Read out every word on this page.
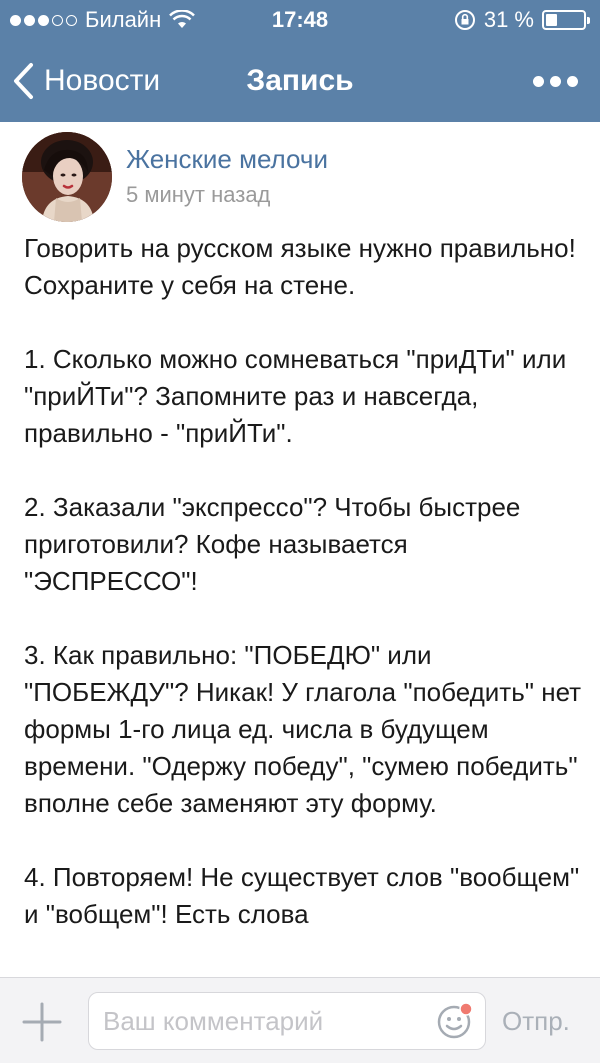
Билайн	17:48	31 %
Новости	Запись
Женские мелочи
5 минут назад

Говорить на русском языке нужно правильно! Сохраните у себя на стене.

1. Сколько можно сомневаться "приДТи" или "приЙТи"? Запомните раз и навсегда, правильно - "приЙТи".

2. Заказали "экспрессо"? Чтобы быстрее приготовили? Кофе называется "ЭСПРЕССО"!

3. Как правильно: "ПОБЕДЮ" или "ПОБЕЖДУ"? Никак! У глагола "победить" нет формы 1-го лица ед. числа в будущем времени. "Одержу победу", "сумею победить" вполне себе заменяют эту форму.

4. Повторяем! Не существует слов "вообщем" и "вобщем"! Есть слова

Ваш комментарий
Отпр.
